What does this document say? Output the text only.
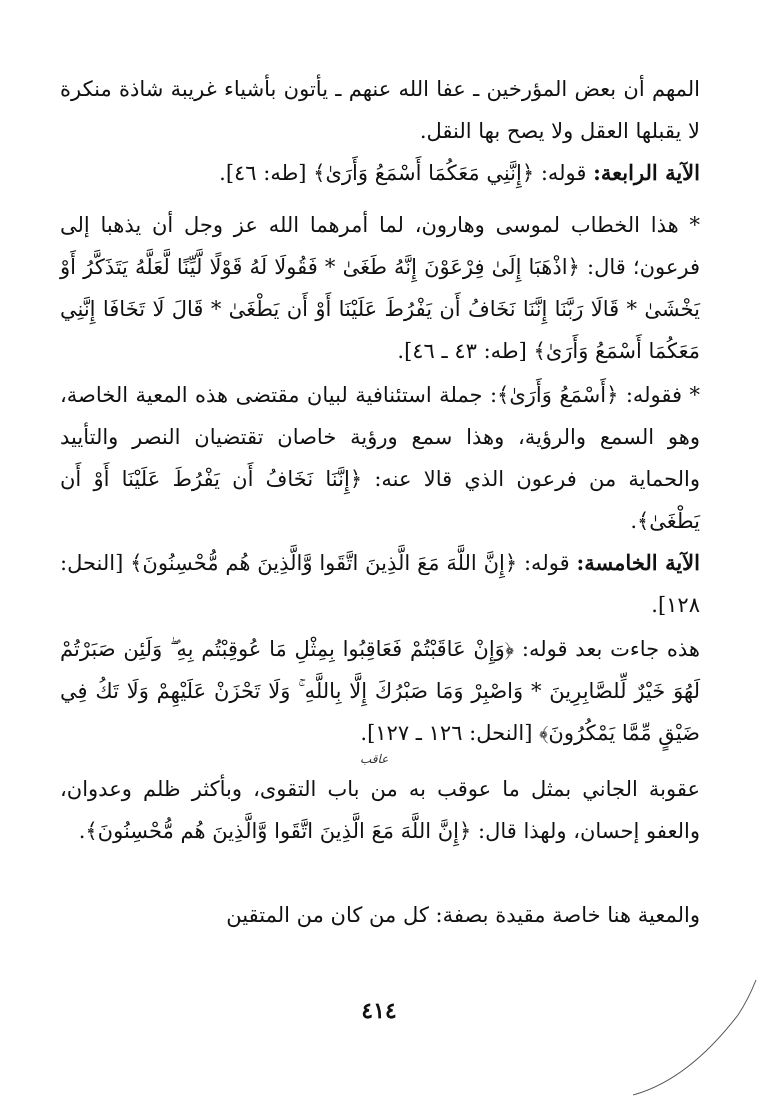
المهم أن بعض المؤرخين ـ عفا الله عنهم ـ يأتون بأشياء غريبة شاذة منكرة لا يقبلها العقل ولا يصح بها النقل.

الآية الرابعة: قوله: ﴿إِنَّنِي مَعَكُمَا أَسْمَعُ وَأَرَىٰ﴾ [طه: ٤٦].

* هذا الخطاب لموسى وهارون، لما أمرهما الله عز وجل أن يذهبا إلى فرعون؛ قال: ﴿اذْهَبَا إِلَىٰ فِرْعَوْنَ إِنَّهُ طَغَىٰ * فَقُولَا لَهُ قَوْلًا لَّيِّنًا لَّعَلَّهُ يَتَذَكَّرُ أَوْ يَخْشَىٰ * قَالَا رَبَّنَا إِنَّنَا نَخَافُ أَن يَفْرُطَ عَلَيْنَا أَوْ أَن يَطْغَىٰ * قَالَ لَا تَخَافَا إِنَّنِي مَعَكُمَا أَسْمَعُ وَأَرَىٰ﴾ [طه: ٤٣ ـ ٤٦].

* فقوله: ﴿أَسْمَعُ وَأَرَىٰ﴾: جملة استئنافية لبيان مقتضى هذه المعية الخاصة، وهو السمع والرؤية، وهذا سمع ورؤية خاصان تقتضيان النصر والتأييد والحماية من فرعون الذي قالا عنه: ﴿إِنَّنَا نَخَافُ أَن يَفْرُطَ عَلَيْنَا أَوْ أَن يَطْغَىٰ﴾.

الآية الخامسة: قوله: ﴿إِنَّ اللَّهَ مَعَ الَّذِينَ اتَّقَوا وَّالَّذِينَ هُم مُّحْسِنُونَ﴾ [النحل: ١٢٨].

هذه جاءت بعد قوله: ﴿وَإِنْ عَاقَبْتُمْ فَعَاقِبُوا بِمِثْلِ مَا عُوقِبْتُم بِهِ ۖ وَلَئِن صَبَرْتُمْ لَهُوَ خَيْرٌ لِّلصَّابِرِينَ * وَاصْبِرْ وَمَا صَبْرُكَ إِلَّا بِاللَّهِ ۚ وَلَا تَحْزَنْ عَلَيْهِمْ وَلَا تَكُ فِي ضَيْقٍ مِّمَّا يَمْكُرُونَ﴾ [النحل: ١٢٦ ـ ١٢٧].

عاقب

عقوبة الجاني بمثل ما عوقب به من باب التقوى، وبأكثر ظلم وعدوان، والعفو إحسان، ولهذا قال: ﴿إِنَّ اللَّهَ مَعَ الَّذِينَ اتَّقَوا وَّالَّذِينَ هُم مُّحْسِنُونَ﴾.

والمعية هنا خاصة مقيدة بصفة: كل من كان من المتقين

٤١٤
